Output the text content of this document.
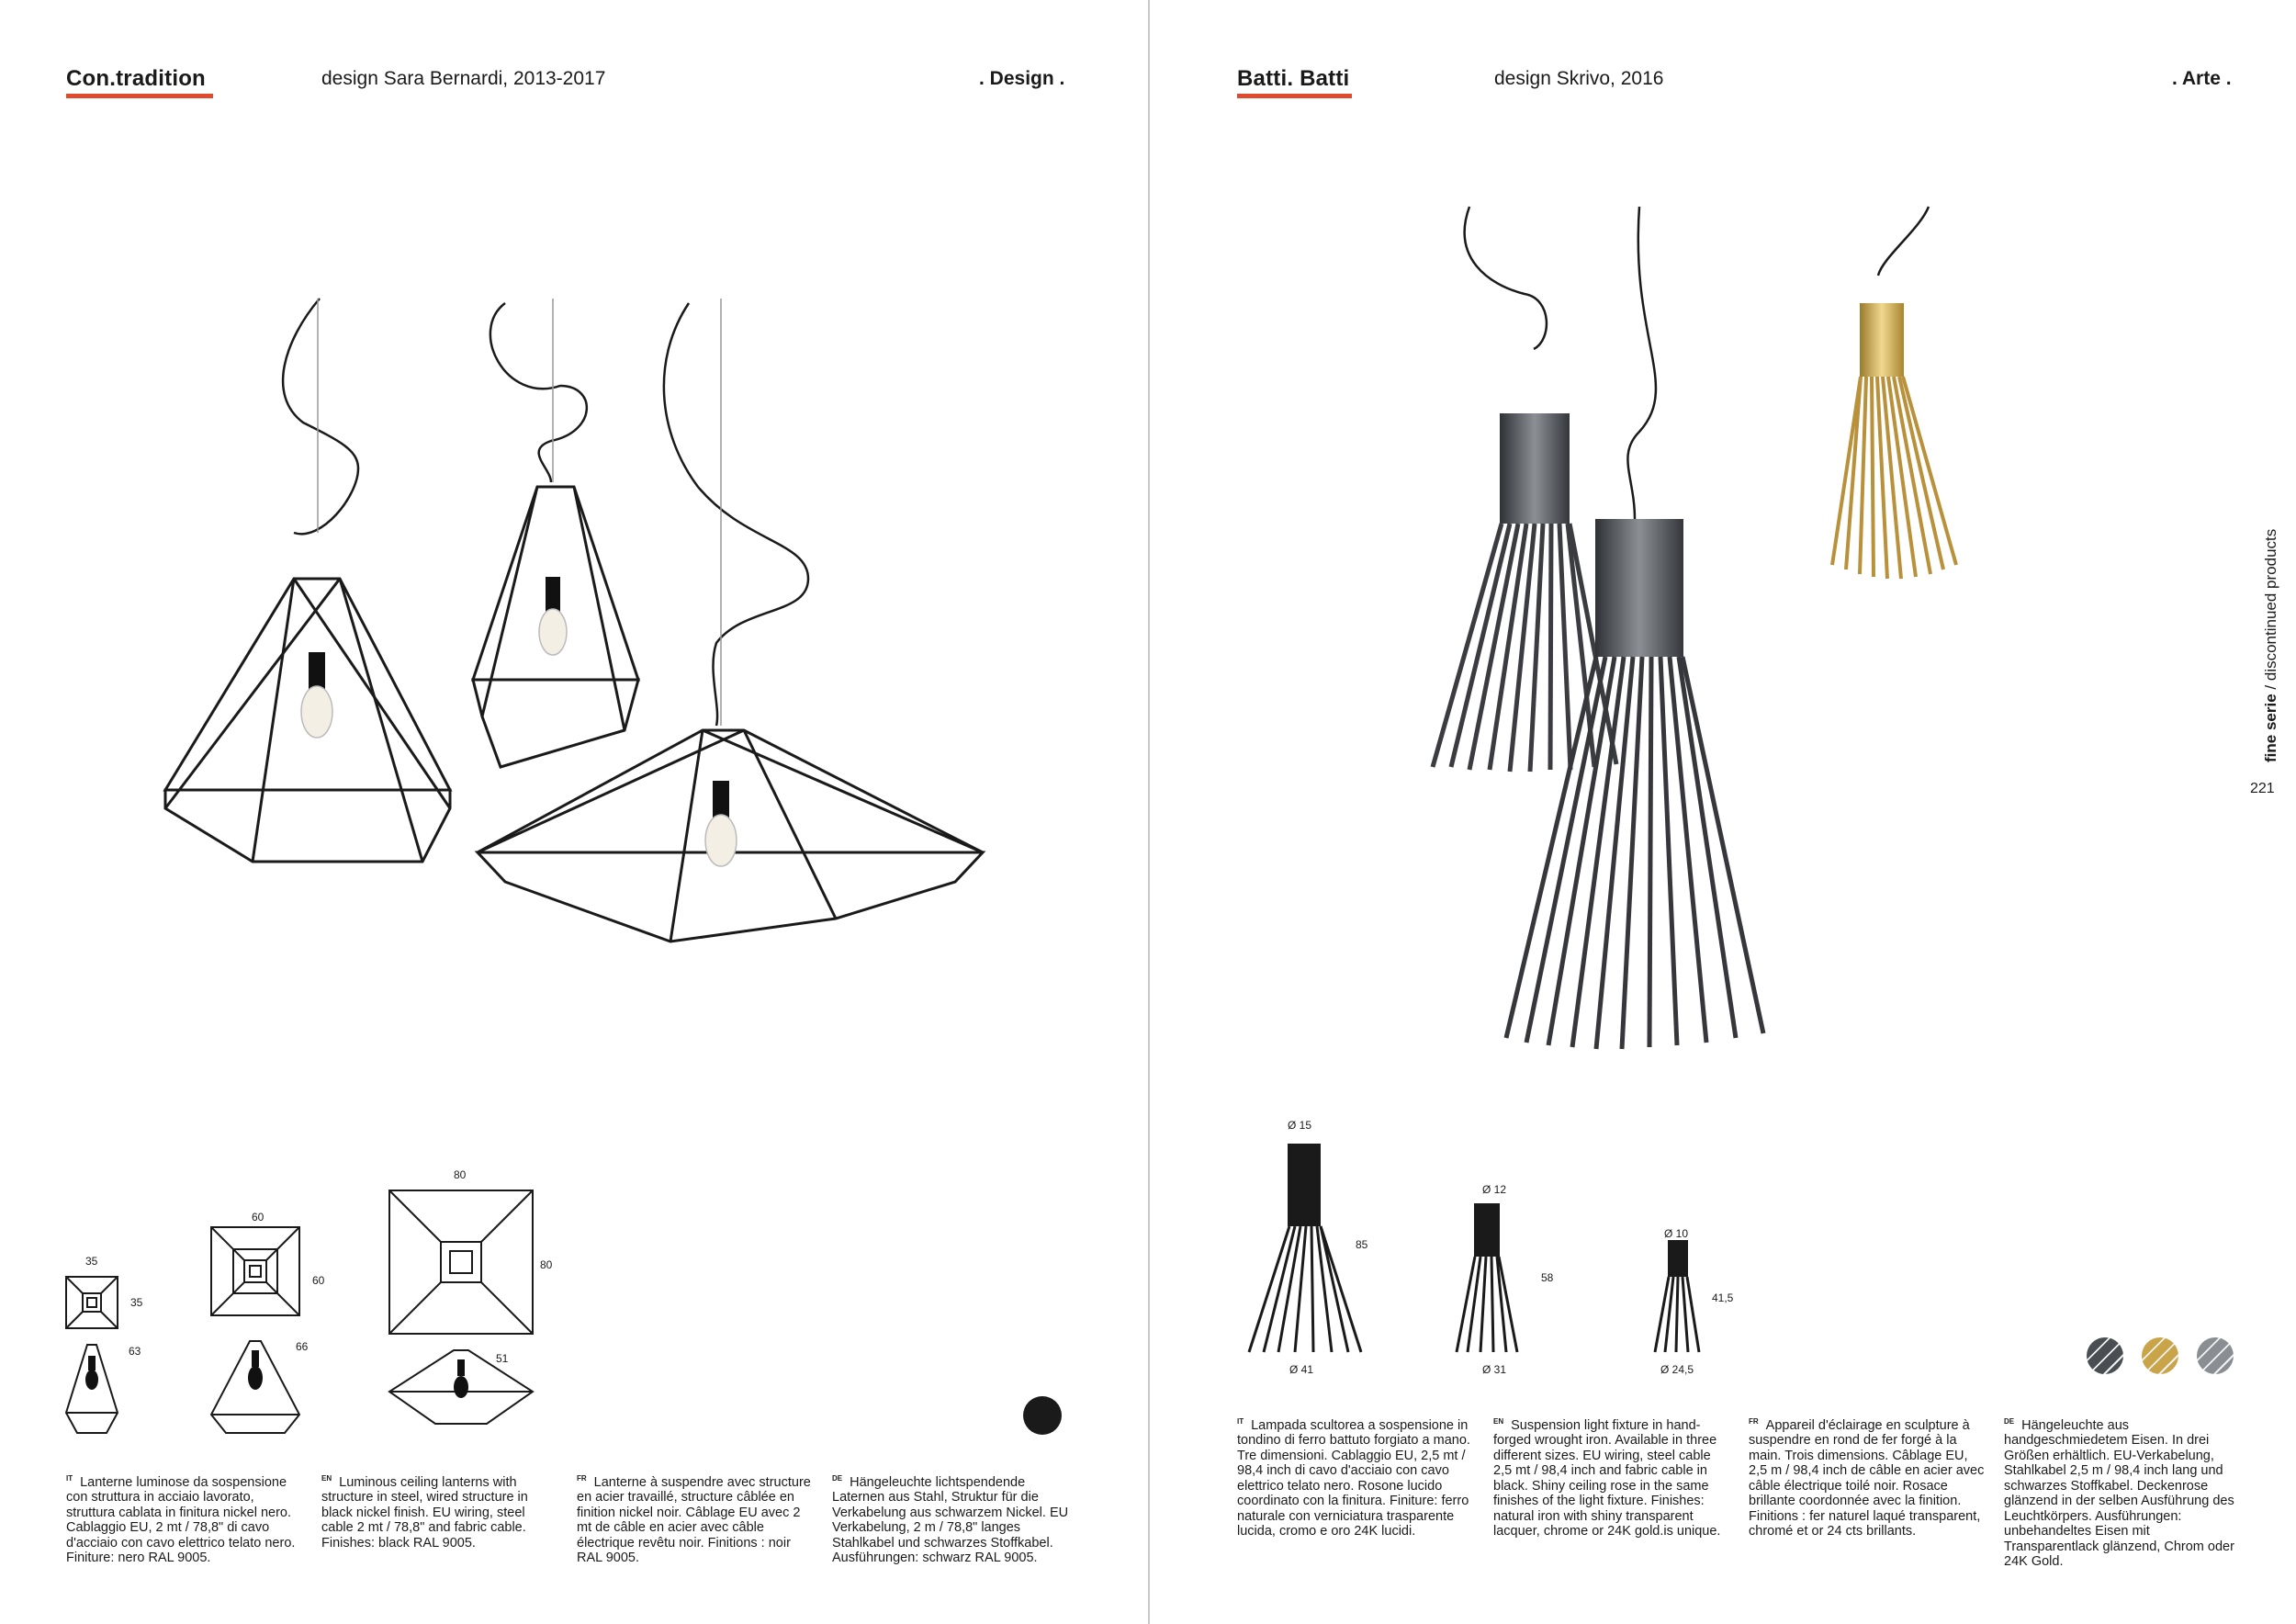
Con.tradition	design Sara Bernardi, 2013-2017	. Design .
35
35
63
60
60
66
80
80
51
$^{IT}$ Lanterne luminose da sospensione con struttura in acciaio lavorato, struttura cablata in finitura nickel nero. Cablaggio EU, 2 mt / 78,8" di cavo d'acciaio con cavo elettrico telato nero. Finiture: nero RAL 9005.
$^{EN}$ Luminous ceiling lanterns with structure in steel, wired structure in black nickel finish. EU wiring, steel cable 2 mt / 78,8" and fabric cable. Finishes: black RAL 9005.
$^{FR}$ Lanterne à suspendre avec structure en acier travaillé, structure câblée en finition nickel noir. Câblage EU avec 2 mt de câble en acier avec câble électrique revêtu noir. Finitions : noir RAL 9005.
$^{DE}$ Hängeleuchte lichtspendende Laternen aus Stahl, Struktur für die Verkabelung aus schwarzem Nickel. EU Verkabelung, 2 m / 78,8" langes Stahlkabel und schwarzes Stoffkabel. Ausführungen: schwarz RAL 9005.
Batti. Batti	design Skrivo, 2016	. Arte .
Ø 15
85
Ø 41
Ø 12
58
Ø 31
Ø 10
41,5
Ø 24,5
$^{IT}$ Lampada scultorea a sospensione in tondino di ferro battuto forgiato a mano. Tre dimensioni. Cablaggio EU, 2,5 mt / 98,4 inch di cavo d'acciaio con cavo elettrico telato nero. Rosone lucido coordinato con la finitura. Finiture: ferro naturale con verniciatura trasparente lucida, cromo e oro 24K lucidi.
$^{EN}$ Suspension light fixture in hand-forged wrought iron. Available in three different sizes. EU wiring, steel cable 2,5 mt / 98,4 inch and fabric cable in black. Shiny ceiling rose in the same finishes of the light fixture. Finishes: natural iron with shiny transparent lacquer, chrome or 24K gold.is unique.
$^{FR}$ Appareil d'éclairage en sculpture à suspendre en rond de fer forgé à la main. Trois dimensions. Câblage EU, 2,5 m / 98,4 inch de câble en acier avec câble électrique toilé noir. Rosace brillante coordonnée avec la finition. Finitions : fer naturel laqué transparent, chromé et or 24 cts brillants.
$^{DE}$ Hängeleuchte aus handgeschmiedetem Eisen. In drei Größen erhältlich. EU-Verkabelung, Stahlkabel 2,5 m / 98,4 inch lang und schwarzes Stoffkabel. Deckenrose glänzend in der selben Ausführung des Leuchtkörpers. Ausführungen: unbehandeltes Eisen mit Transparentlack glänzend, Chrom oder 24K Gold.
fine serie / discontinued products
221
